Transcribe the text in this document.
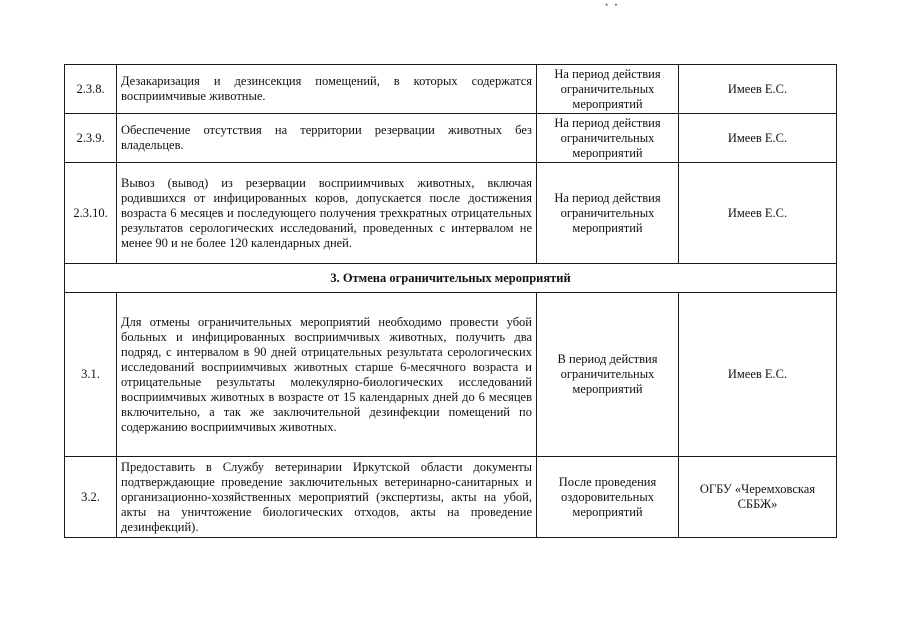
• •
2.3.8.	Дезакаризация и дезинсекция помещений, в которых содержатся восприимчивые животные.	На период действия ограничительных мероприятий	Имеев Е.С.
2.3.9.	Обеспечение отсутствия на территории резервации животных без владельцев.	На период действия ограничительных мероприятий	Имеев Е.С.
2.3.10.	Вывоз (вывод) из резервации восприимчивых животных, включая родившихся от инфицированных коров, допускается после достижения возраста 6 месяцев и последующего получения трехкратных отрицательных результатов серологических исследований, проведенных с интервалом не менее 90 и не более 120 календарных дней.	На период действия ограничительных мероприятий	Имеев Е.С.
3. Отмена ограничительных мероприятий			
3.1.	Для отмены ограничительных мероприятий необходимо провести убой больных и инфицированных восприимчивых животных, получить два подряд, с интервалом в 90 дней отрицательных результата серологических исследований восприимчивых животных старше 6-месячного возраста и отрицательные результаты молекулярно-биологических исследований восприимчивых животных в возрасте от 15 календарных дней до 6 месяцев включительно, а так же заключительной дезинфекции помещений по содержанию восприимчивых животных.	В период действия ограничительных мероприятий	Имеев Е.С.
3.2.	Предоставить в Службу ветеринарии Иркутской области документы подтверждающие проведение заключительных ветеринарно-санитарных и организационно-хозяйственных мероприятий (экспертизы, акты на убой, акты на уничтожение биологических отходов, акты на проведение дезинфекций).	После проведения оздоровительных мероприятий	ОГБУ «Черемховская СББЖ»
